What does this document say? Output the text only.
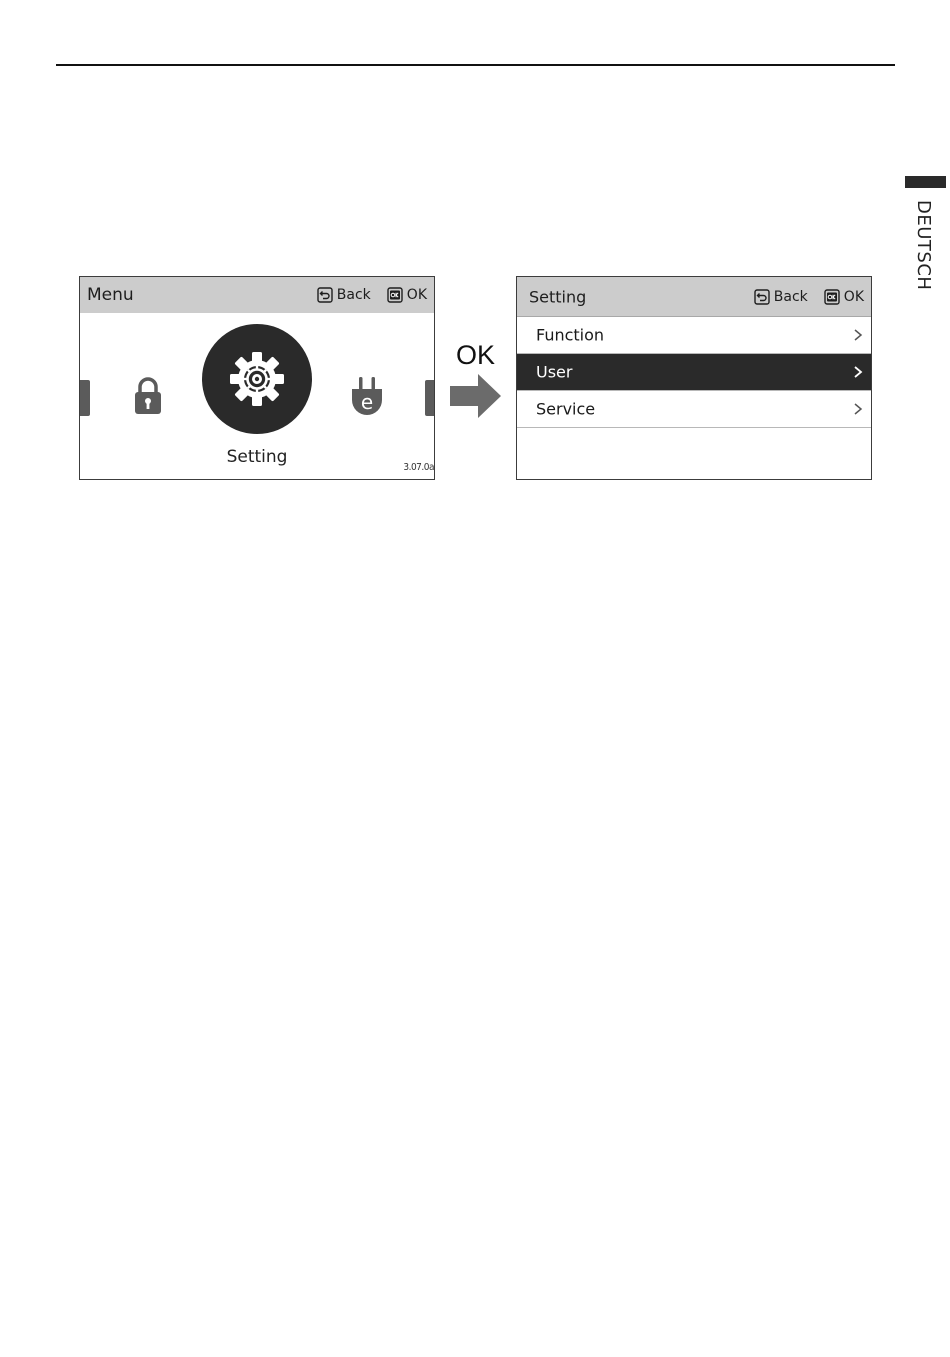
DEUTSCH
Menu	Back	OK
e
Setting
3.07.0a
OK
Setting	Back	OK
Function
User
Service
